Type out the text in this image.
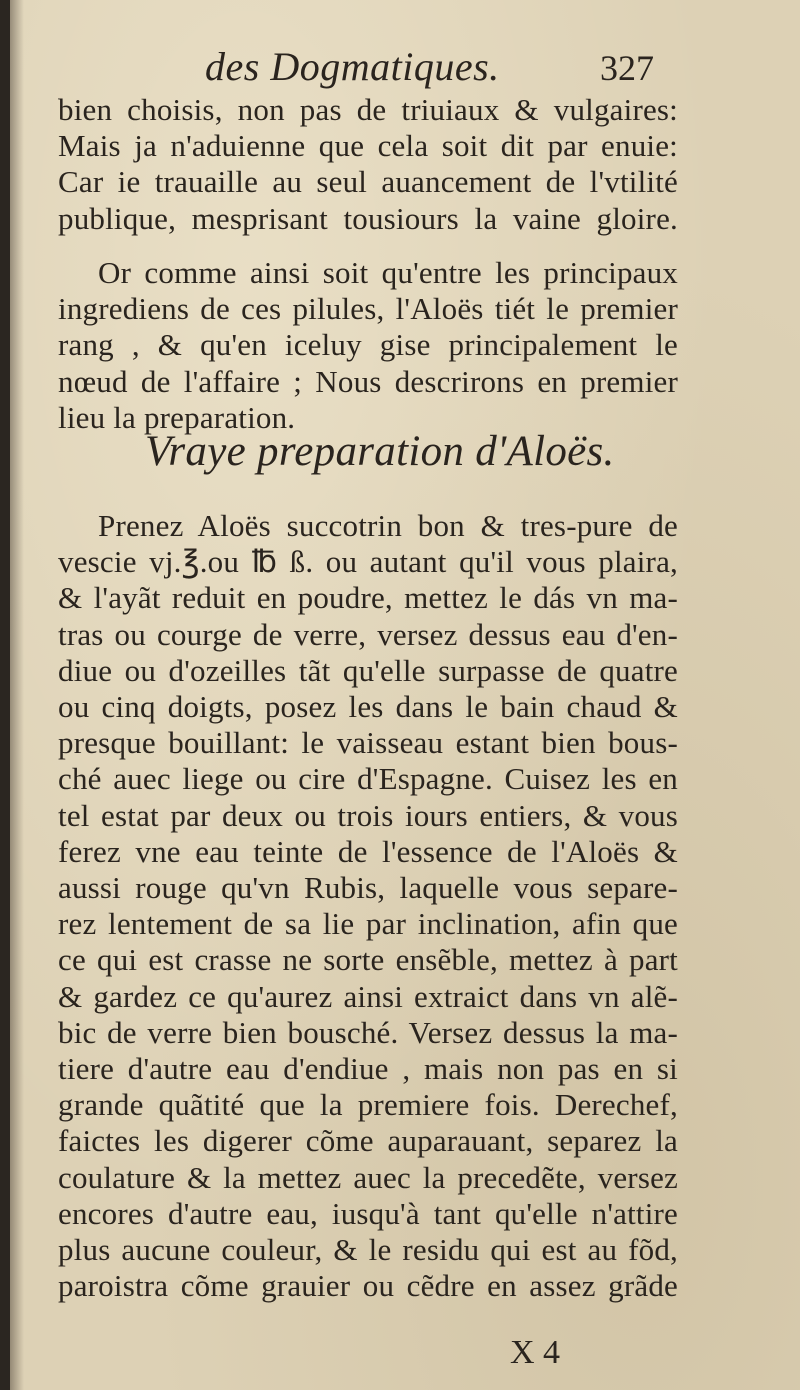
des Dogmatiques.	327
bien choisis, non pas de triuiaux & vulgaires:
Mais ja n'aduienne que cela soit dit par enuie:
Car ie trauaille au seul auancement de l'vtilité
publique, mesprisant tousiours la vaine gloire.
Or comme ainsi soit qu'entre les principaux
ingrediens de ces pilules, l'Aloës tiét le premier
rang , & qu'en iceluy gise principalement le
nœud de l'affaire ; Nous descrirons en premier
lieu la preparation.
Vraye preparation d'Aloës.
Prenez Aloës succotrin bon & tres-pure de
vescie vj.℥.ou ℔ ß. ou autant qu'il vous plaira,
& l'ayãt reduit en poudre, mettez le dás vn ma-
tras ou courge de verre, versez dessus eau d'en-
diue ou d'ozeilles tãt qu'elle surpasse de quatre
ou cinq doigts, posez les dans le bain chaud &
presque bouillant: le vaisseau estant bien bous-
ché auec liege ou cire d'Espagne. Cuisez les en
tel estat par deux ou trois iours entiers, & vous
ferez vne eau teinte de l'essence de l'Aloës &
aussi rouge qu'vn Rubis, laquelle vous separe-
rez lentement de sa lie par inclination, afin que
ce qui est crasse ne sorte ensẽble, mettez à part
& gardez ce qu'aurez ainsi extraict dans vn alẽ-
bic de verre bien bousché. Versez dessus la ma-
tiere d'autre eau d'endiue , mais non pas en si
grande quãtité que la premiere fois. Derechef,
faictes les digerer cõme auparauant, separez la
coulature & la mettez auec la precedẽte, versez
encores d'autre eau, iusqu'à tant qu'elle n'attire
plus aucune couleur, & le residu qui est au fõd,
paroistra cõme grauier ou cẽdre en assez grãde
X 4
